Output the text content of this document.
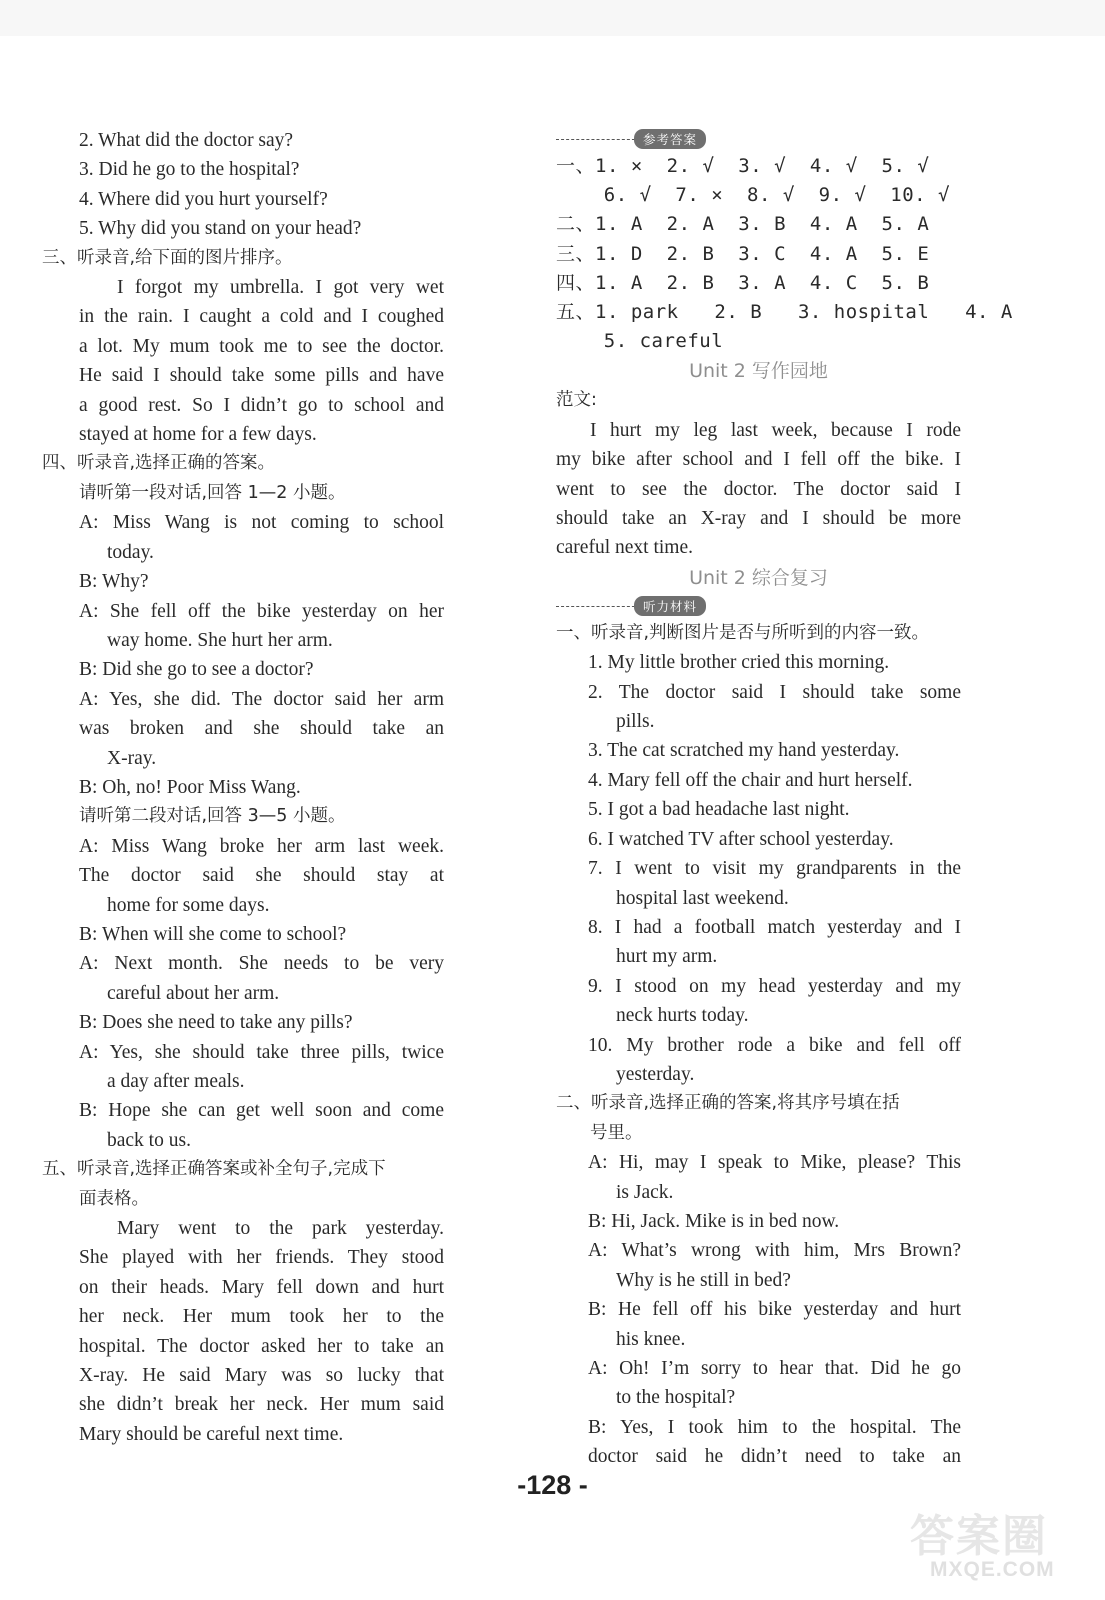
2. What did the doctor say?
3. Did he go to the hospital?
4. Where did you hurt yourself?
5. Why did you stand on your head?
三、听录音,给下面的图片排序。
I forgot my umbrella. I got very wet
in the rain. I caught a cold and I coughed
a lot. My mum took me to see the doctor.
He said I should take some pills and have
a good rest. So I didn’t go to school and
stayed at home for a few days.
四、听录音,选择正确的答案。
请听第一段对话,回答 1—2 小题。
A: Miss Wang is not coming to school
today.
B: Why?
A: She fell off the bike yesterday on her
way home. She hurt her arm.
B: Did she go to see a doctor?
A: Yes, she did. The doctor said her arm
was broken and she should take an
X-ray.
B: Oh, no! Poor Miss Wang.
请听第二段对话,回答 3—5 小题。
A: Miss Wang broke her arm last week.
The doctor said she should stay at
home for some days.
B: When will she come to school?
A: Next month. She needs to be very
careful about her arm.
B: Does she need to take any pills?
A: Yes, she should take three pills, twice
a day after meals.
B: Hope she can get well soon and come
back to us.
五、听录音,选择正确答案或补全句子,完成下
面表格。
Mary went to the park yesterday.
She played with her friends. They stood
on their heads. Mary fell down and hurt
her neck. Her mum took her to the
hospital. The doctor asked her to take an
X-ray. He said Mary was so lucky that
she didn’t break her neck. Her mum said
Mary should be careful next time.
参考答案
一、1. ×  2. √  3. √  4. √  5. √
6. √  7. ×  8. √  9. √  10. √
二、1. A  2. A  3. B  4. A  5. A
三、1. D  2. B  3. C  4. A  5. E
四、1. A  2. B  3. A  4. C  5. B
五、1. park   2. B   3. hospital   4. A
5. careful
Unit 2 写作园地
范文:
I hurt my leg last week, because I rode
my bike after school and I fell off the bike. I
went to see the doctor. The doctor said I
should take an X-ray and I should be more
careful next time.
Unit 2 综合复习
听力材料
一、听录音,判断图片是否与所听到的内容一致。
1. My little brother cried this morning.
2. The doctor said I should take some
pills.
3. The cat scratched my hand yesterday.
4. Mary fell off the chair and hurt herself.
5. I got a bad headache last night.
6. I watched TV after school yesterday.
7. I went to visit my grandparents in the
hospital last weekend.
8. I had a football match yesterday and I
hurt my arm.
9. I stood on my head yesterday and my
neck hurts today.
10. My brother rode a bike and fell off
yesterday.
二、听录音,选择正确的答案,将其序号填在括
号里。
A: Hi, may I speak to Mike, please? This
is Jack.
B: Hi, Jack. Mike is in bed now.
A: What’s wrong with him, Mrs Brown?
Why is he still in bed?
B: He fell off his bike yesterday and hurt
his knee.
A: Oh! I’m sorry to hear that. Did he go
to the hospital?
B: Yes, I took him to the hospital. The
doctor said he didn’t need to take an
-128 -
答案圈
MXQE.COM
